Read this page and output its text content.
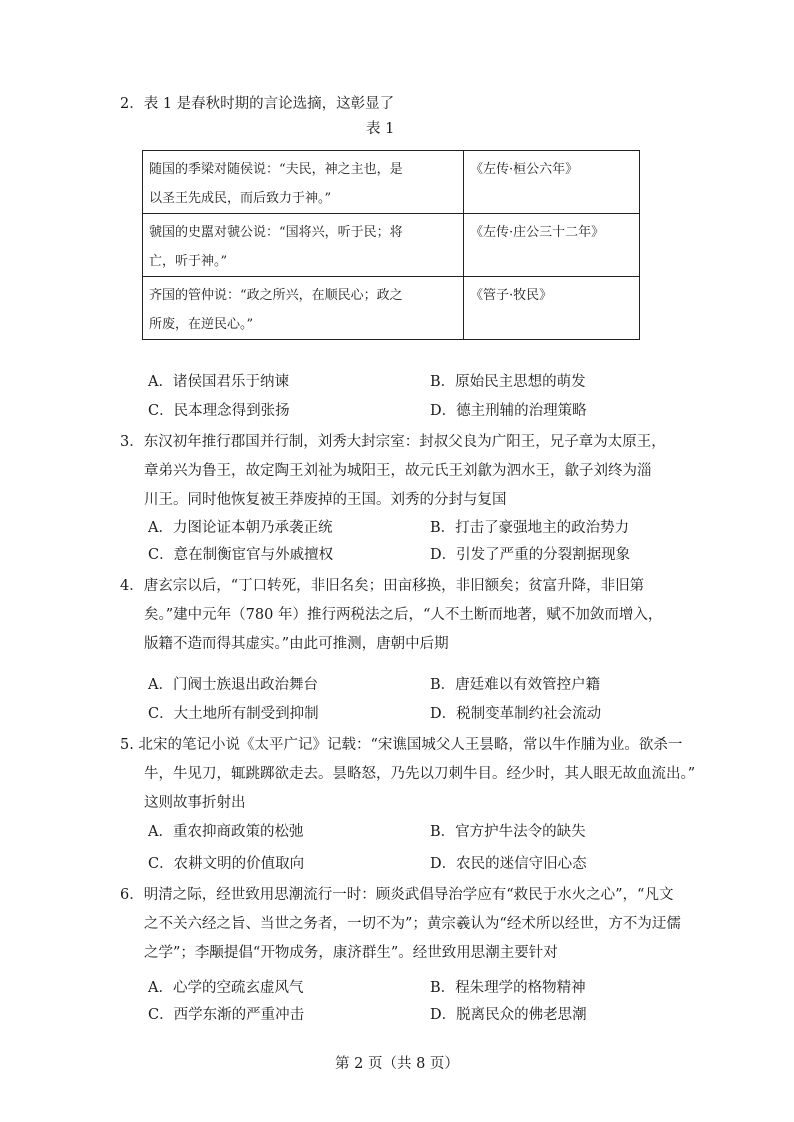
2．表 1 是春秋时期的言论选摘，这彰显了
表 1
随国的季梁对随侯说：“夫民，神之主也，是
以圣王先成民，而后致力于神。”	《左传·桓公六年》

虢国的史嚚对虢公说：“国将兴，听于民；将
亡，听于神。”	《左传·庄公三十二年》

齐国的管仲说：“政之所兴，在顺民心；政之
所废，在逆民心。”	《管子·牧民》
A．诸侯国君乐于纳谏	B．原始民主思想的萌发
C．民本理念得到张扬	D．德主刑辅的治理策略
3．东汉初年推行郡国并行制，刘秀大封宗室：封叔父良为广阳王，兄子章为太原王，
章弟兴为鲁王，故定陶王刘祉为城阳王，故元氏王刘歙为泗水王，歙子刘终为淄
川王。同时他恢复被王莽废掉的王国。刘秀的分封与复国
A．力图论证本朝乃承袭正统	B．打击了豪强地主的政治势力
C．意在制衡宦官与外戚擅权	D．引发了严重的分裂割据现象
4．唐玄宗以后，“丁口转死，非旧名矣；田亩移换，非旧额矣；贫富升降，非旧第
矣。”建中元年（780 年）推行两税法之后，“人不土断而地著，赋不加敛而增入，
版籍不造而得其虚实。”由此可推测，唐朝中后期
A．门阀士族退出政治舞台	B．唐廷难以有效管控户籍
C．大土地所有制受到抑制	D．税制变革制约社会流动
5. 北宋的笔记小说《太平广记》记载：“宋谯国城父人王昙略，常以牛作脯为业。欲杀一
牛，牛见刀，辄跳踯欲走去。昙略怒，乃先以刀刺牛目。经少时，其人眼无故血流出。”
这则故事折射出
A．重农抑商政策的松弛	B．官方护牛法令的缺失
C．农耕文明的价值取向	D．农民的迷信守旧心态
6．明清之际，经世致用思潮流行一时：顾炎武倡导治学应有“救民于水火之心”，“凡文
之不关六经之旨、当世之务者，一切不为”；黄宗羲认为“经术所以经世，方不为迂儒
之学”；李颙提倡“开物成务，康济群生”。经世致用思潮主要针对
A．心学的空疏玄虚风气	B．程朱理学的格物精神
C．西学东渐的严重冲击	D．脱离民众的佛老思潮
第 2 页（共 8 页）
